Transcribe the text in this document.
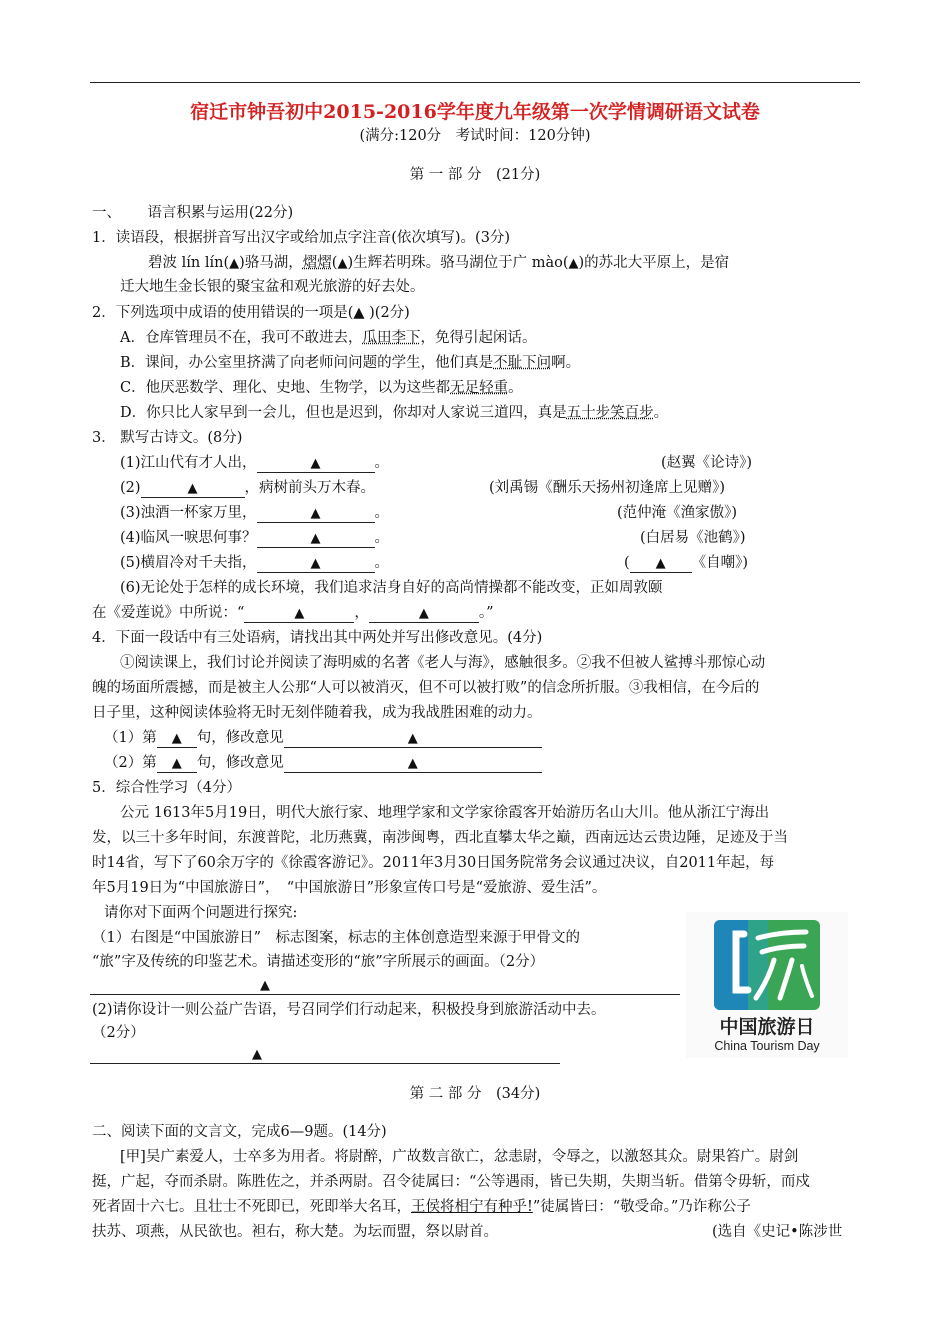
宿迁市钟吾初中2015-2016学年度九年级第一次学情调研语文试卷
(满分:120分　考试时间：120分钟)
第 一 部 分　(21分)
一、　　 语言积累与运用(22分)
1．读语段，根据拼音写出汉字或给加点字注音(依次填写)。(3分)
碧波 lín lín(▲)骆马湖，熠熠(▲)生辉若明珠。骆马湖位于广 mào(▲)的苏北大平原上，是宿
迁大地生金长银的聚宝盆和观光旅游的好去处。
2．下列选项中成语的使用错误的一项是(▲ )(2分)
A．仓库管理员不在，我可不敢进去，瓜田李下，免得引起闲话。
B．课间，办公室里挤满了向老师问问题的学生，他们真是不耻下问啊。
C．他厌恶数学、理化、史地、生物学，以为这些都无足轻重。
D．你只比人家早到一会儿，但也是迟到，你却对人家说三道四，真是五十步笑百步。
3． 默写古诗文。(8分)
(1)江山代有才人出，	▲	。	(赵翼《论诗》)
(2)	▲	，病树前头万木春。	(刘禹锡《酬乐天扬州初逢席上见赠》)
(3)浊酒一杯家万里，	▲	。	(范仲淹《渔家傲》)
(4)临风一唳思何事？	▲	。	(白居易《池鹤》)
(5)横眉冷对千夫指，	▲	。	( ▲ 《自嘲》)
(6)无论处于怎样的成长环境，我们追求洁身自好的高尚情操都不能改变，正如周敦颐
在《爱莲说》中所说：“	▲	，	▲	。”
4．下面一段话中有三处语病，请找出其中两处并写出修改意见。(4分)
①阅读课上，我们讨论并阅读了海明威的名著《老人与海》，感触很多。②我不但被人鲨搏斗那惊心动
魄的场面所震撼，而是被主人公那“人可以被消灭，但不可以被打败”的信念所折服。③我相信，在今后的
日子里，这种阅读体验将无时无刻伴随着我，成为我战胜困难的动力。
（1）第 ▲ 句，修改意见	▲
（2）第 ▲ 句，修改意见	▲
5．综合性学习（4分）
公元 1613年5月19日，明代大旅行家、地理学家和文学家徐霞客开始游历名山大川。他从浙江宁海出
发，以三十多年时间，东渡普陀，北历燕冀，南涉闽粤，西北直攀太华之巅，西南远达云贵边陲，足迹及于当
时14省，写下了60余万字的《徐霞客游记》。2011年3月30日国务院常务会议通过决议，自2011年起，每
年5月19日为“中国旅游日”，　“中国旅游日”形象宣传口号是“爱旅游、爱生活”。
请你对下面两个问题进行探究:
（1）右图是“中国旅游日”　标志图案，标志的主体创意造型来源于甲骨文的
“旅”字及传统的印鉴艺术。请描述变形的“旅”字所展示的画面。（2分）
▲
(2)请你设计一则公益广告语，号召同学们行动起来，积极投身到旅游活动中去。
（2分）
▲
中国旅游日
China Tourism Day
第 二 部 分　(34分)
二、阅读下面的文言文，完成6—9题。(14分)
[甲]吴广素爱人，士卒多为用者。将尉醉，广故数言欲亡，忿恚尉，令辱之，以激怒其众。尉果笞广。尉剑
挺，广起，夺而杀尉。陈胜佐之，并杀两尉。召令徒属曰：“公等遇雨，皆已失期，失期当斩。借第令毋斩，而戍
死者固十六七。且壮士不死即已，死即举大名耳，王侯将相宁有种乎!”徒属皆曰：“敬受命。”乃诈称公子
扶苏、项燕，从民欲也。袒右，称大楚。为坛而盟，祭以尉首。	(选自《史记•陈涉世
